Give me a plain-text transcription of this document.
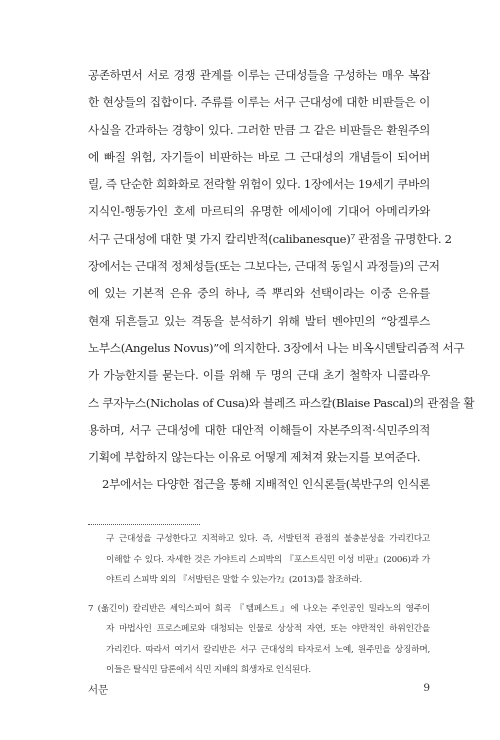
공존하면서 서로 경쟁 관계를 이루는 근대성들을 구성하는 매우 복잡
한 현상들의 집합이다. 주류를 이루는 서구 근대성에 대한 비판들은 이
사실을 간과하는 경향이 있다. 그러한 만큼 그 같은 비판들은 환원주의
에 빠질 위험, 자기들이 비판하는 바로 그 근대성의 개념들이 되어버
릴, 즉 단순한 희화화로 전락할 위험이 있다. 1장에서는 19세기 쿠바의
지식인-행동가인 호세 마르티의 유명한 에세이에 기대어 아메리카와
서구 근대성에 대한 몇 가지 칼리반적(calibanesque)⁷ 관점을 규명한다. 2
장에서는 근대적 정체성들(또는 그보다는, 근대적 동일시 과정들)의 근저
에 있는 기본적 은유 중의 하나, 즉 뿌리와 선택이라는 이중 은유를
현재 뒤흔들고 있는 격동을 분석하기 위해 발터 벤야민의 “앙겔루스
노부스(Angelus Novus)”에 의지한다. 3장에서 나는 비옥시덴탈리즘적 서구
가 가능한지를 묻는다. 이를 위해 두 명의 근대 초기 철학자 니콜라우
스 쿠자누스(Nicholas of Cusa)와 블레즈 파스칼(Blaise Pascal)의 관점을 활
용하며, 서구 근대성에 대한 대안적 이해들이 자본주의적·식민주의적
기획에 부합하지 않는다는 이유로 어떻게 제쳐져 왔는지를 보여준다.
2부에서는 다양한 접근을 통해 지배적인 인식론들(북반구의 인식론
구 근대성을 구성한다고 지적하고 있다. 즉, 서발턴적 관점의 불충분성을 가리킨다고
이해할 수 있다. 자세한 것은 가야트리 스피박의 『포스트식민 이성 비판』(2006)과 가
야트리 스피박 외의 『서발턴은 말할 수 있는가?』(2013)를 참조하라.
7 (옮긴이) 칼리반은 셰익스피어 희곡 『템페스트』에 나오는 주인공인 밀라노의 영주이
자 마법사인 프로스페로와 대청되는 인물로 상상적 자연, 또는 야만적인 하위인간을
가리킨다. 따라서 여기서 칼리반은 서구 근대성의 타자로서 노예, 원주민을 상징하며,
이들은 탈식민 담론에서 식민 지배의 희생자로 인식된다.
서문	9
